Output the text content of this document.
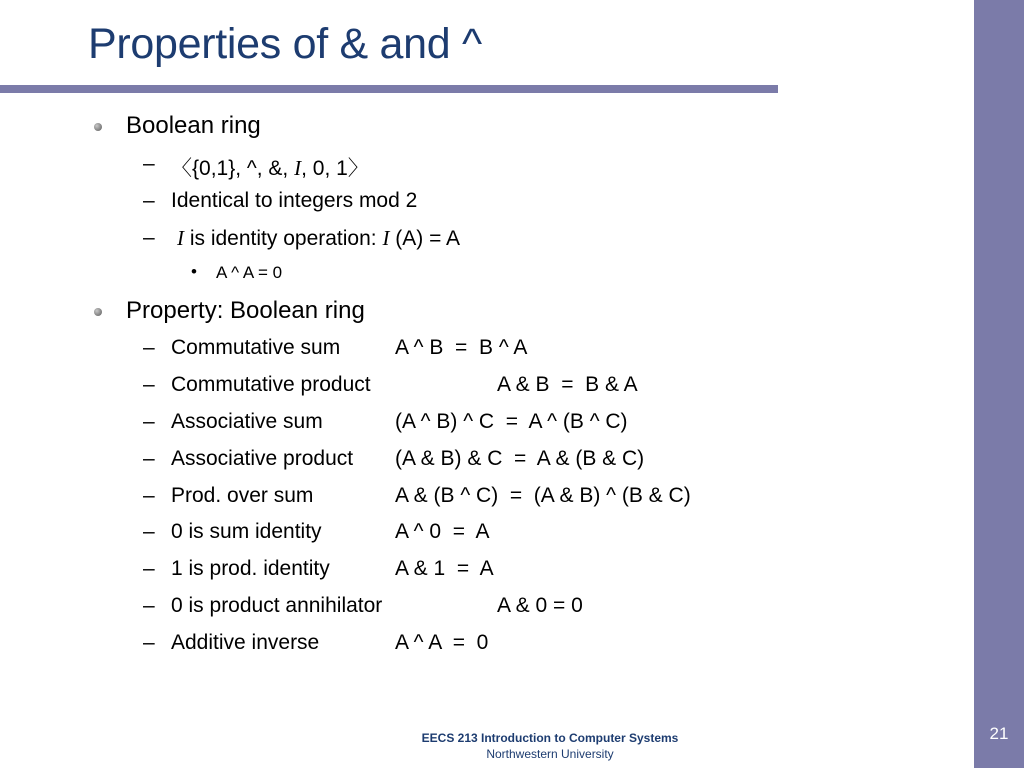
21
Properties of & and ^
Boolean ring
– 〈{0,1}, ^, &, I, 0, 1〉
– Identical to integers mod 2
– I is identity operation: I (A) = A
• A ^ A = 0
Property: Boolean ring
– Commutative sum	A ^ B  =  B ^ A
– Commutative product	A & B  =  B & A
– Associative sum	(A ^ B) ^ C  =  A ^ (B ^ C)
– Associative product (A & B) & C  =  A & (B & C)
– Prod. over sum	A & (B ^ C)  =  (A & B) ^ (B & C)
– 0 is sum identity	A ^ 0  =  A
– 1 is prod. identity	A & 1  =  A
– 0 is product annihilator	A & 0 = 0
– Additive inverse	A ^ A  =  0
EECS 213 Introduction to Computer Systems
Northwestern University
